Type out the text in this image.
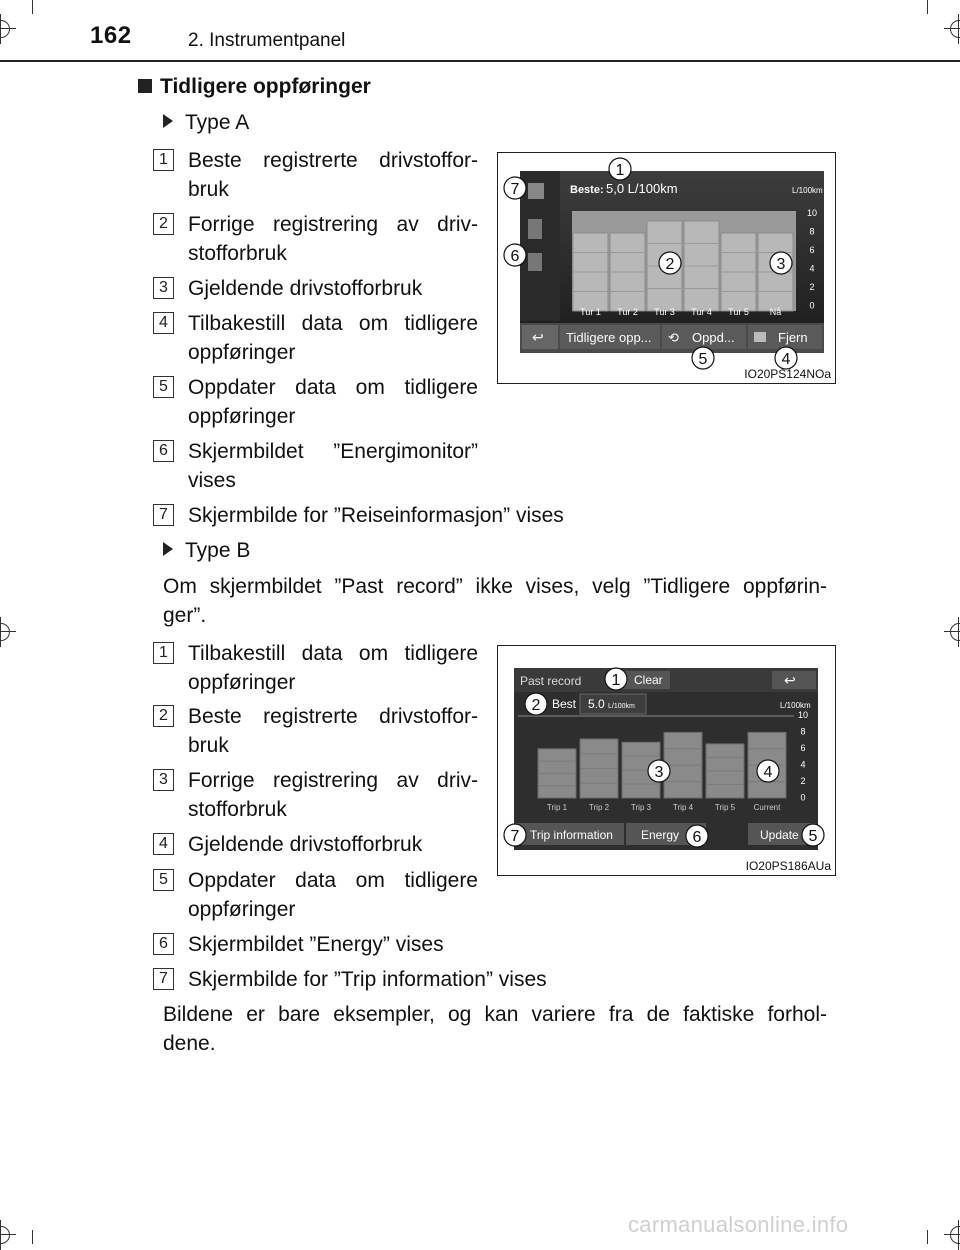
162	2. Instrumentpanel
Tidligere oppføringer
Type A
1 Beste registrerte drivstoffor-
bruk
2 Forrige registrering av driv-
stofforbruk
3 Gjeldende drivstofforbruk
4 Tilbakestill data om tidligere
oppføringer
5 Oppdater data om tidligere
oppføringer
6 Skjermbildet ”Energimonitor”
vises
7 Skjermbilde for ”Reiseinformasjon” vises
↩	⟲
Beste: 5,0 L/100km	L/100km
Tidligere opp...	Oppd...	Fjern
10
8
6
4
2
0
Tur 1 Tur 2 Tur 3 Tur 4 Tur 5 Nå
1
2	3
4
5
6
7
IO20PS124NOa
Type B
Om skjermbildet ”Past record” ikke vises, velg ”Tidligere oppførin-
ger”.
1 Tilbakestill data om tidligere
oppføringer
2 Beste registrerte drivstoffor-
bruk
3 Forrige registrering av driv-
stofforbruk
4 Gjeldende drivstofforbruk
5 Oppdater data om tidligere
oppføringer
6 Skjermbildet ”Energy” vises
7 Skjermbilde for ”Trip information” vises
Past record	Clear	↩
Best 5.0 L/100km	L/100km
Trip information Energy	Update
10
8
6
4
2
0
Trip 1	Trip 2	Trip 3	Trip 4	Trip 5 Current
1
2
3	4
5
6
7
IO20PS186AUa
Bildene er bare eksempler, og kan variere fra de faktiske forhol-
dene.
carmanualsonline.info
